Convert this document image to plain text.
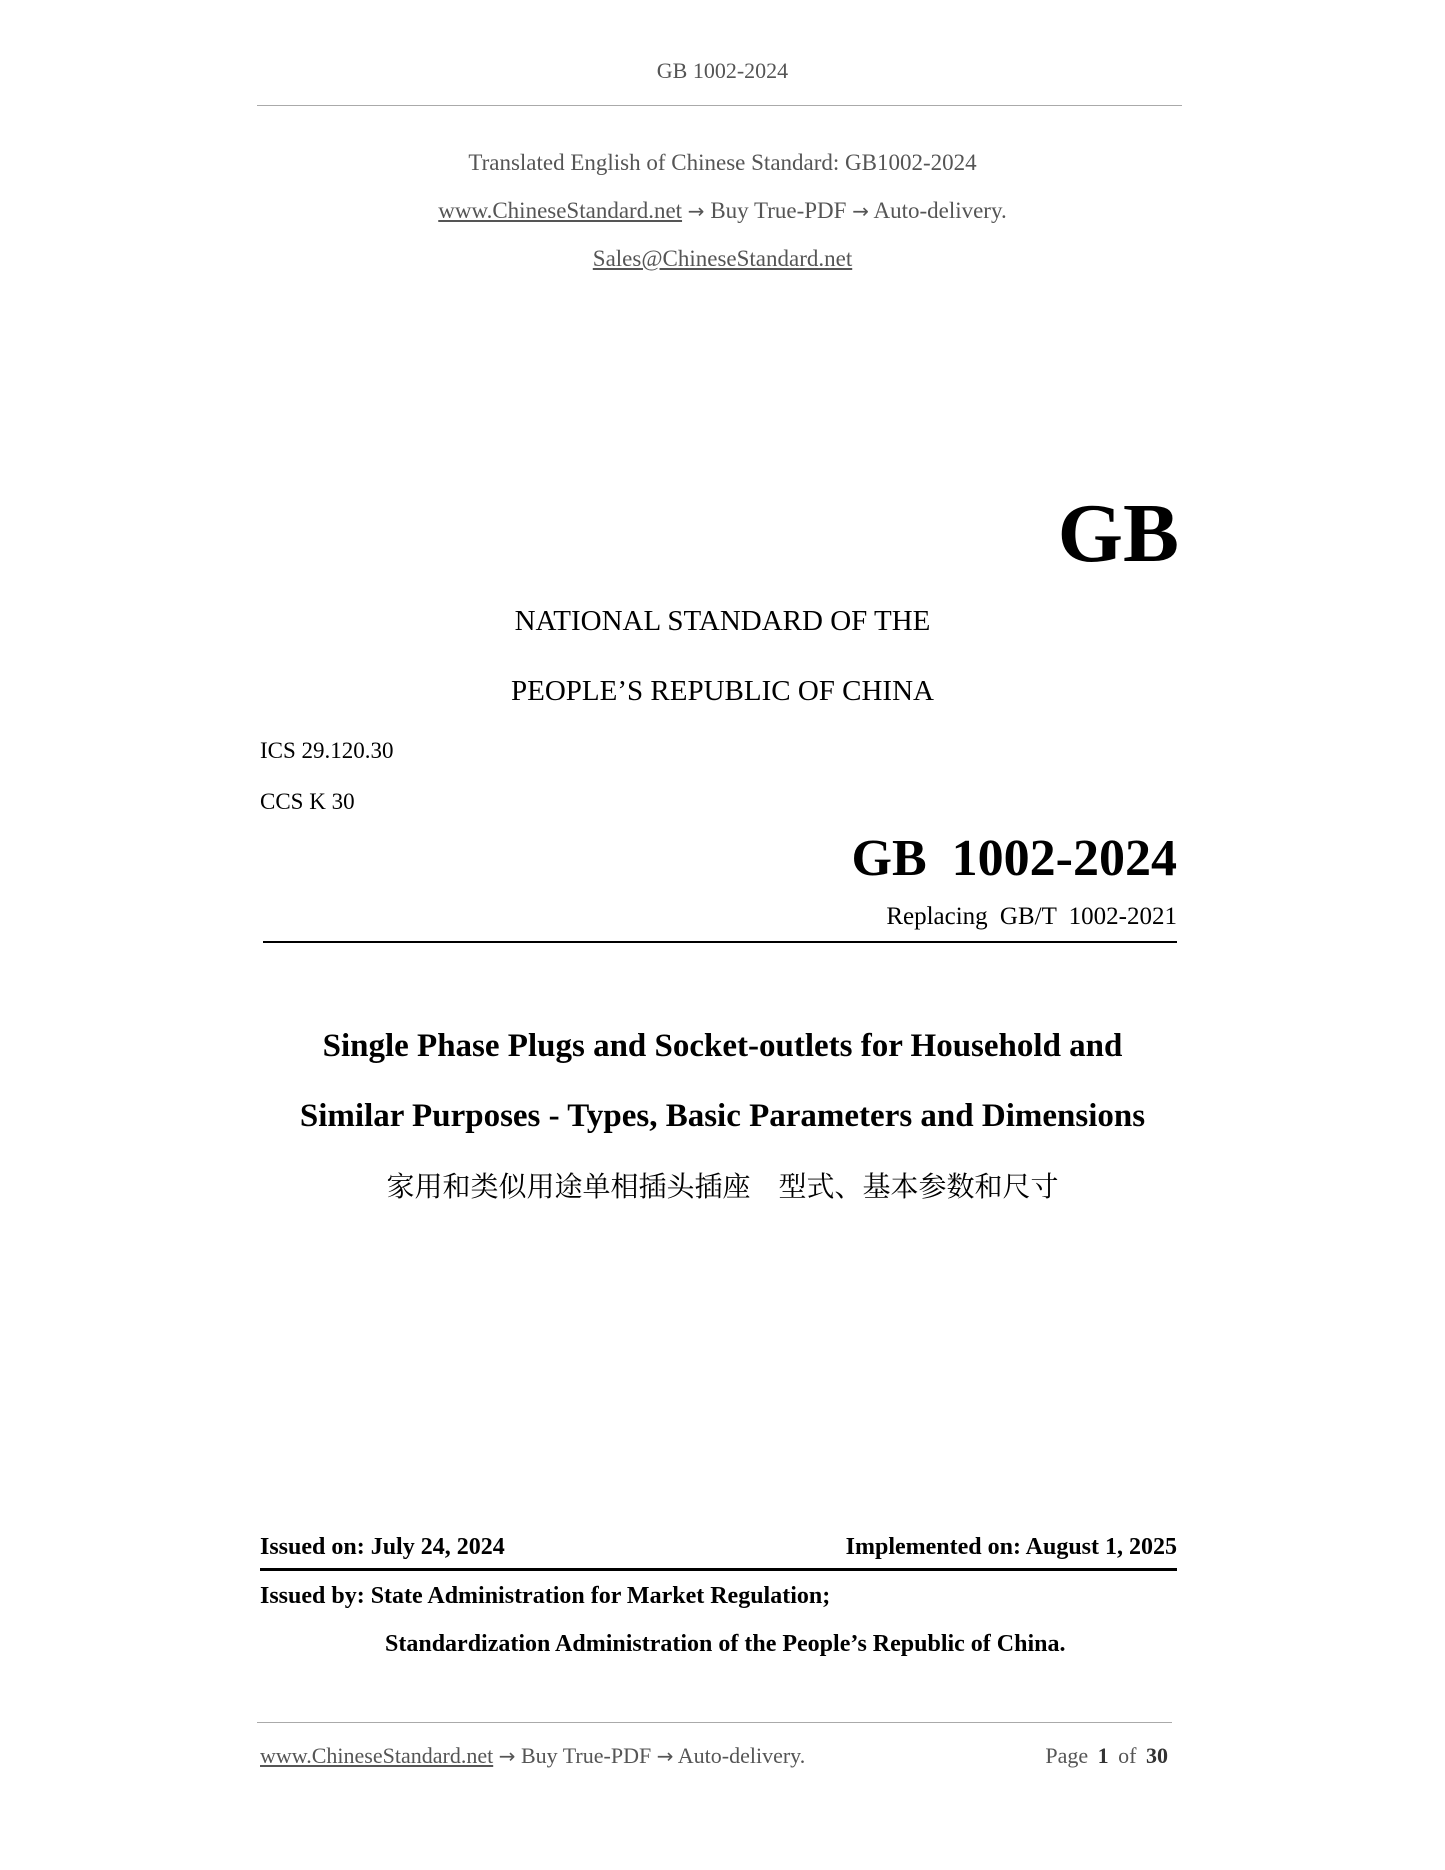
GB 1002-2024
Translated English of Chinese Standard: GB1002-2024
www.ChineseStandard.net → Buy True-PDF → Auto-delivery.
Sales@ChineseStandard.net
GB
NATIONAL STANDARD OF THE
PEOPLE’S REPUBLIC OF CHINA
ICS 29.120.30
CCS K 30
GB 1002-2024
Replacing GB/T 1002-2021
Single Phase Plugs and Socket-outlets for Household and
Similar Purposes - Types, Basic Parameters and Dimensions
家用和类似用途单相插头插座　型式、基本参数和尺寸
Issued on: July 24, 2024	Implemented on: August 1, 2025
Issued by: State Administration for Market Regulation;
Standardization Administration of the People’s Republic of China.
www.ChineseStandard.net → Buy True-PDF → Auto-delivery.	Page 1 of 30
